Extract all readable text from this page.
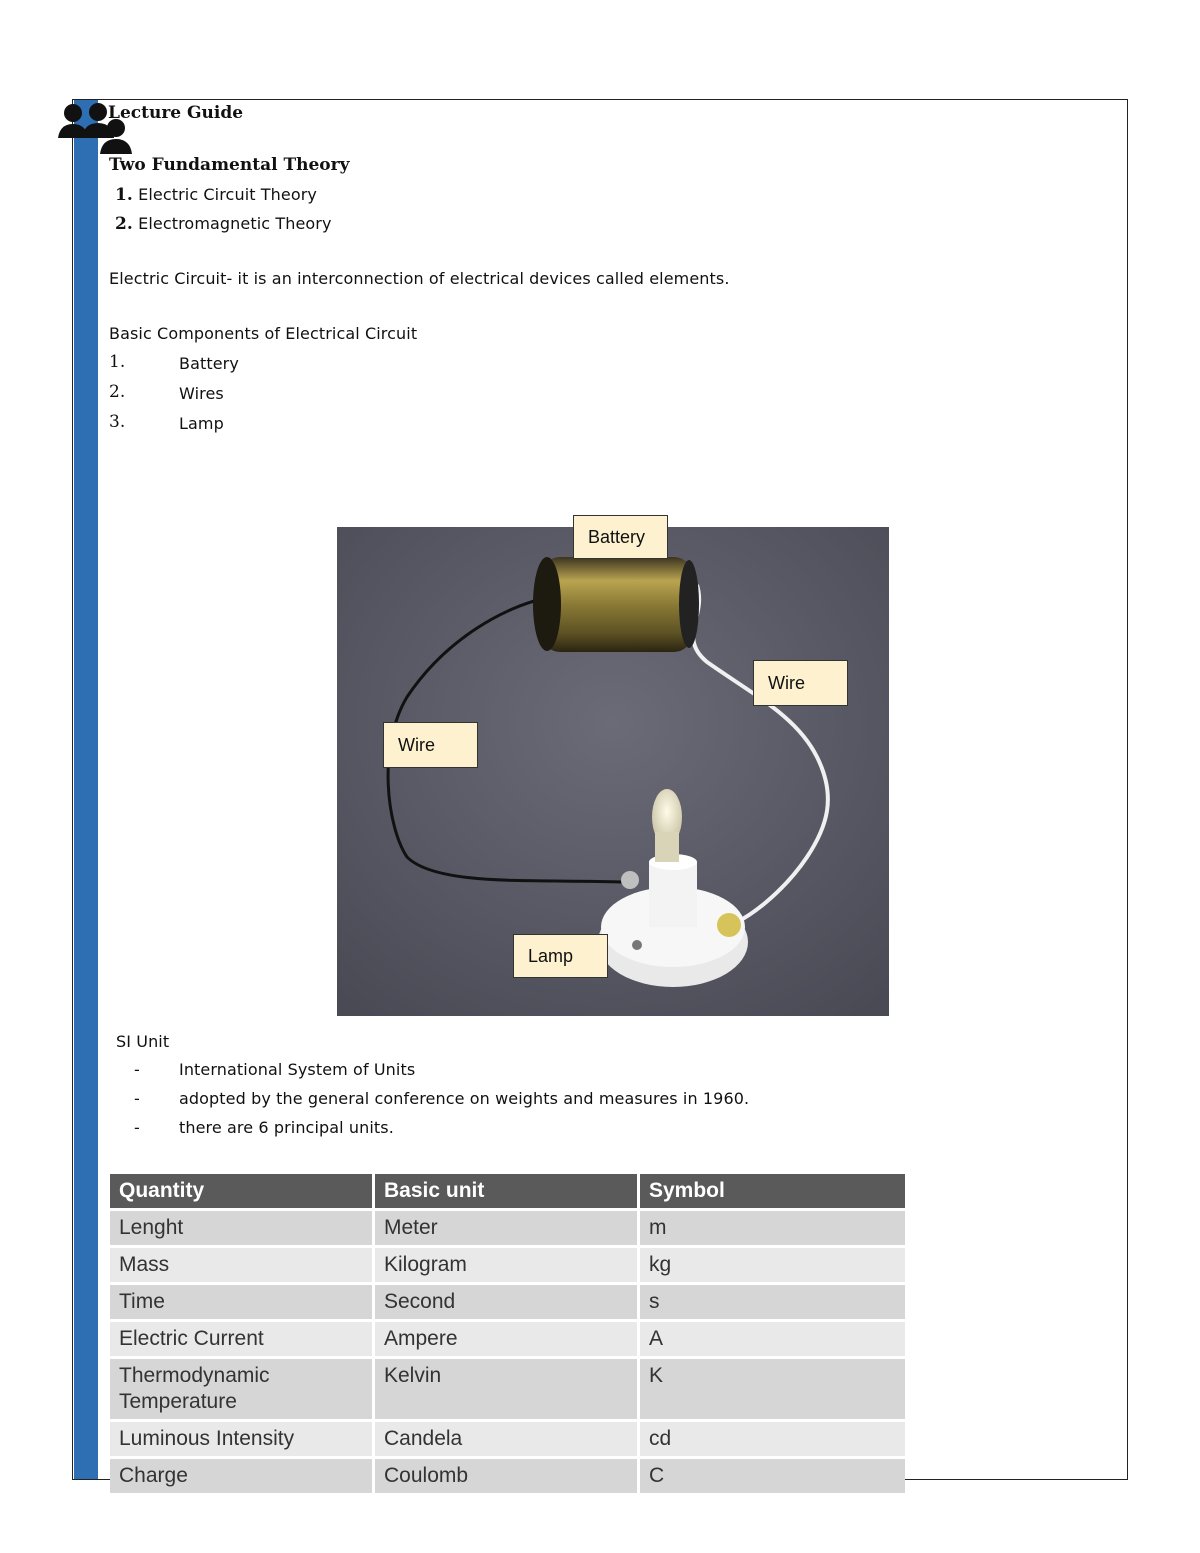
Lecture Guide
Two Fundamental Theory
1. Electric Circuit Theory
2. Electromagnetic Theory
Electric Circuit- it is an interconnection of electrical devices called elements.
Basic Components of Electrical Circuit
1.	Battery
2.	Wires
3.	Lamp
Battery
Wire
Wire
Lamp
SI Unit
- International System of Units
- adopted by the general conference on weights and measures in 1960.
- there are 6 principal units.
Quantity	Basic unit	Symbol
Lenght	Meter	m
Mass	Kilogram	kg
Time	Second	s
Electric Current	Ampere	A
Thermodynamic Temperature	Kelvin	K
Luminous Intensity	Candela	cd
Charge	Coulomb	C
